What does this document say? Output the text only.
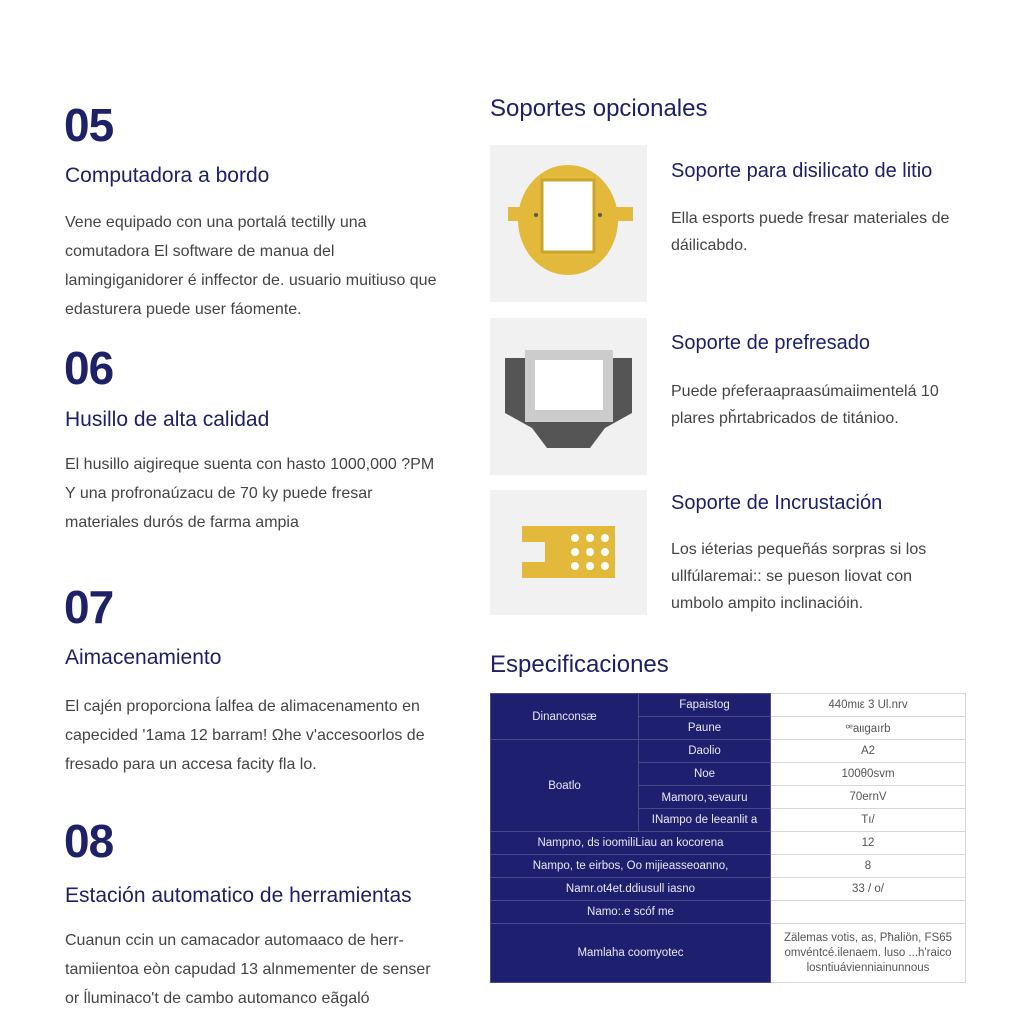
05
Computadora a bordo
Vene equipado con una portalá tectilly una comutadora El software de manua del lamingiganidorer é inffector de. usuario muitiuso que edasturera puede user fáomente.
06
Husillo de alta calidad
El husillo aigireque suenta con hasto 1000,000 ?PM Y una profronaúzacu de 70 ky puede fresar materiales durós de farma ampia
07
Aimacenamiento
El cajén proporciona ĺalfea de alimacenamento en capecided '1ama 12 barram! Ωhe v'accesoorlos de fresado para un accesa facity fla lo.
08
Estación automatico de herramientas
Cuanun ccin un camacador automaaco de herr-tamiientoa eòn capudad 13 alnmementer de senser or ĺluminaco't de cambo automanco eãgaló
Soportes opcionales
Soporte para disilicato de litio
Ella esports puede fresar materiales de dáilicabdo.
Soporte de prefresado
Puede pŕeferaapraasúmaiimentelá 10 plares pȟrtabricados de titánioo.
Soporte de Incrustación
Los iéterias pequeñás sorpras si los ullfúlaremai:: se pueson liovat con umbolo ampito inclinacióin.
Especificaciones
Dinanconsæ	Fapaistog	440mιε 3 Ul.nrv
	Paune	ꟹaιιgaırb
Boatlo	Daolio	A2
	Noe	100θ0svm
	Mamoro,ꝛevauru	70ernV
	INampo de leeanlit a	Tı/
Nampno, ds ioomiliLiau an kocorena		12
Nampo, te eirbos, Oo mijieasseoanno,		8
Namr.ot4et.ddiusull iasno		33 / o/
Namo:.e scóf me		
Mamlaha coomyotec		Zälemas votis, as, Pħaliön, FS65 omvéntcé.ilenaem. luso ...h'raico losntiuávienniainunnous
